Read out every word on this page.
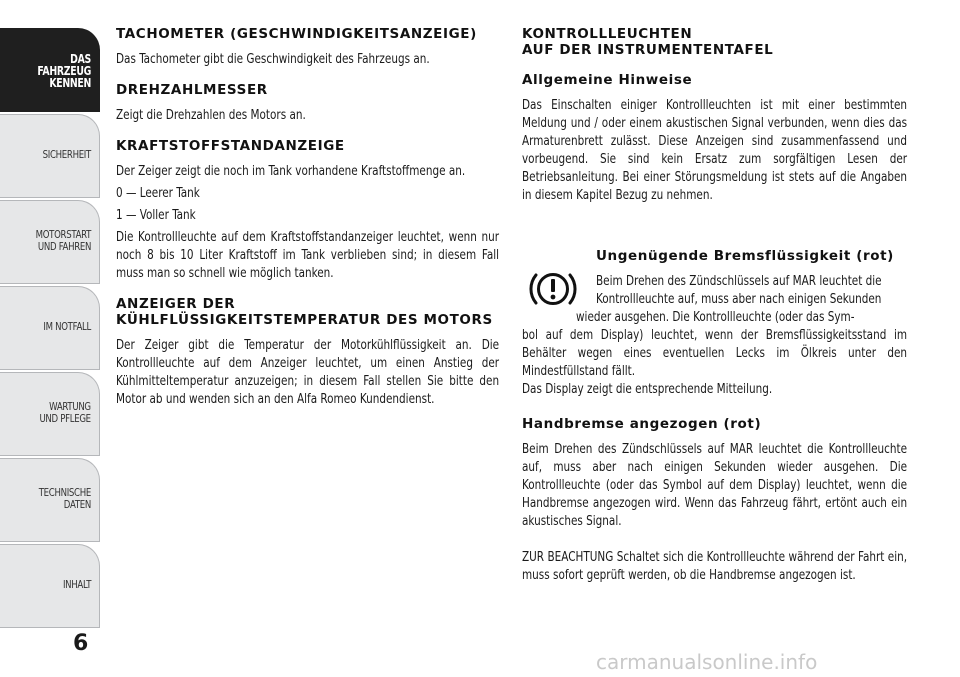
DAS FAHRZEUG
KENNEN
SICHERHEIT
MOTORSTART
UND FAHREN
IM NOTFALL
WARTUNG
UND PFLEGE
TECHNISCHE
DATEN
INHALT
6
TACHOMETER (GESCHWINDIGKEITSANZEIGE)

Das Tachometer gibt die Geschwindigkeit des Fahrzeugs an.

DREHZAHLMESSER

Zeigt die Drehzahlen des Motors an.

KRAFTSTOFFSTANDANZEIGE

Der Zeiger zeigt die noch im Tank vorhandene Kraftstoffmenge an.

0 — Leerer Tank

1 — Voller Tank

Die Kontrollleuchte auf dem Kraftstoffstandanzeiger leuchtet, wenn nur noch 8 bis 10 Liter Kraftstoff im Tank verblieben sind; in diesem Fall muss man so schnell wie möglich tanken.

ANZEIGER DER KÜHLFLÜSSIGKEITSTEMPERATUR DES MOTORS

Der Zeiger gibt die Temperatur der Motorkühlflüssigkeit an. Die Kontrollleuchte auf dem Anzeiger leuchtet, um einen Anstieg der Kühlmitteltemperatur anzuzeigen; in diesem Fall stellen Sie bitte den Motor ab und wenden sich an den Alfa Romeo Kundendienst.

KONTROLLLEUCHTEN
AUF DER INSTRUMENTENTAFEL
Allgemeine Hinweise

Das Einschalten einiger Kontrollleuchten ist mit einer bestimmten Meldung und / oder einem akustischen Signal verbunden, wenn dies das Armaturenbrett zulässt. Diese Anzeigen sind zusammenfassend und vorbeugend. Sie sind kein Ersatz zum sorgfältigen Lesen der Betriebsanleitung. Bei einer Störungsmeldung ist stets auf die Angaben in diesem Kapitel Bezug zu nehmen.

Ungenügende Bremsflüssigkeit (rot)

Beim Drehen des Zündschlüssels auf MAR leuchtet die

Kontrollleuchte auf, muss aber nach einigen Sekunden

wieder ausgehen. Die Kontrollleuchte (oder das Sym-

bol auf dem Display) leuchtet, wenn der Bremsflüssigkeitsstand im Behälter wegen eines eventuellen Lecks im Ölkreis unter den Mindestfüllstand fällt.

Das Display zeigt die entsprechende Mitteilung.

Handbremse angezogen (rot)

Beim Drehen des Zündschlüssels auf MAR leuchtet die Kontrollleuchte auf, muss aber nach einigen Sekunden wieder ausgehen. Die Kontrollleuchte (oder das Symbol auf dem Display) leuchtet, wenn die Handbremse angezogen wird. Wenn das Fahrzeug fährt, ertönt auch ein akustisches Signal.

ZUR BEACHTUNG Schaltet sich die Kontrollleuchte während der Fahrt ein, muss sofort geprüft werden, ob die Handbremse angezogen ist.

carmanualsonline.info
